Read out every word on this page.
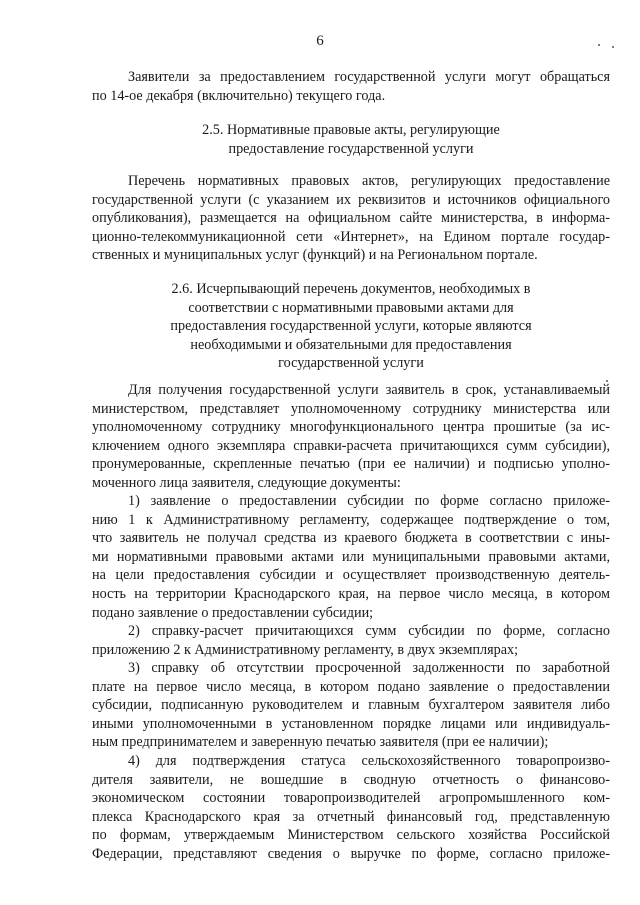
6
Заявители за предоставлением государственной услуги могут обращаться
по 14-ое декабря (включительно) текущего года.
2.5. Нормативные правовые акты, регулирующие
предоставление государственной услуги
Перечень нормативных правовых актов, регулирующих предоставление
государственной услуги (с указанием их реквизитов и источников официального
опубликования), размещается на официальном сайте министерства, в информа-
ционно-телекоммуникационной сети «Интернет», на Едином портале государ-
ственных и муниципальных услуг (функций) и на Региональном портале.
2.6. Исчерпывающий перечень документов, необходимых в
соответствии с нормативными правовыми актами для
предоставления государственной услуги, которые являются
необходимыми и обязательными для предоставления
государственной услуги
Для получения государственной услуги заявитель в срок, устанавливаемый
министерством, представляет уполномоченному сотруднику министерства или
уполномоченному сотруднику многофункционального центра прошитые (за ис-
ключением одного экземпляра справки-расчета причитающихся сумм субсидии),
пронумерованные, скрепленные печатью (при ее наличии) и подписью уполно-
моченного лица заявителя, следующие документы:
1) заявление о предоставлении субсидии по форме согласно приложе-
нию 1 к Административному регламенту, содержащее подтверждение о том,
что заявитель не получал средства из краевого бюджета в соответствии с ины-
ми нормативными правовыми актами или муниципальными правовыми актами,
на цели предоставления субсидии и осуществляет производственную деятель-
ность на территории Краснодарского края, на первое число месяца, в котором
подано заявление о предоставлении субсидии;
2) справку-расчет причитающихся сумм субсидии по форме, согласно
приложению 2 к Административному регламенту, в двух экземплярах;
3) справку об отсутствии просроченной задолженности по заработной
плате на первое число месяца, в котором подано заявление о предоставлении
субсидии, подписанную руководителем и главным бухгалтером заявителя либо
иными уполномоченными в установленном порядке лицами или индивидуаль-
ным предпринимателем и заверенную печатью заявителя (при ее наличии);
4) для подтверждения статуса сельскохозяйственного товаропроизво-
дителя заявители, не вошедшие в сводную отчетность о финансово-
экономическом состоянии товаропроизводителей агропромышленного ком-
плекса Краснодарского края за отчетный финансовый год, представленную
по формам, утверждаемым Министерством сельского хозяйства Российской
Федерации, представляют сведения о выручке по форме, согласно приложе-
